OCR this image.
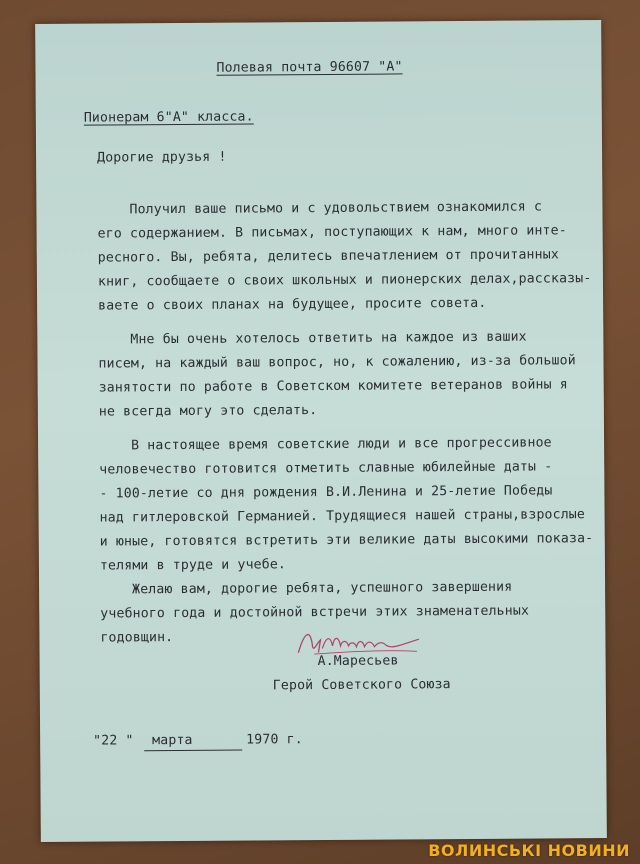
Полевая почта 96607 "А"
Пионерам 6"А" класса.
Дорогие друзья !
Получил ваше письмо и с удовольствием ознакомился с
его содержанием. В письмах, поступающих к нам, много инте-
ресного. Вы, ребята, делитесь впечатлением от прочитанных
книг, сообщаете о своих школьных и пионерских делах,рассказы-
ваете о своих планах на будущее, просите совета.
Мне бы очень хотелось ответить на каждое из ваших
писем, на каждый ваш вопрос, но, к сожалению, из-за большой
занятости по работе в Советском комитете ветеранов войны я
не всегда могу это сделать.
В настоящее время советские люди и все прогрессивное
человечество готовится отметить славные юбилейные даты -
- 100-летие со дня рождения В.И.Ленина и 25-летие Победы
над гитлеровской Германией. Трудящиеся нашей страны,взрослые
и юные, готовятся встретить эти великие даты высокими показа-
телями в труде и учебе.
Желаю вам, дорогие ребята, успешного завершения
учебного года и достойной встречи этих знаменательных
годовщин.
А.Маресьев
Герой Советского Союза
"22 " марта	1970 г.
ВОЛИНСЬКІ НОВИНИ
